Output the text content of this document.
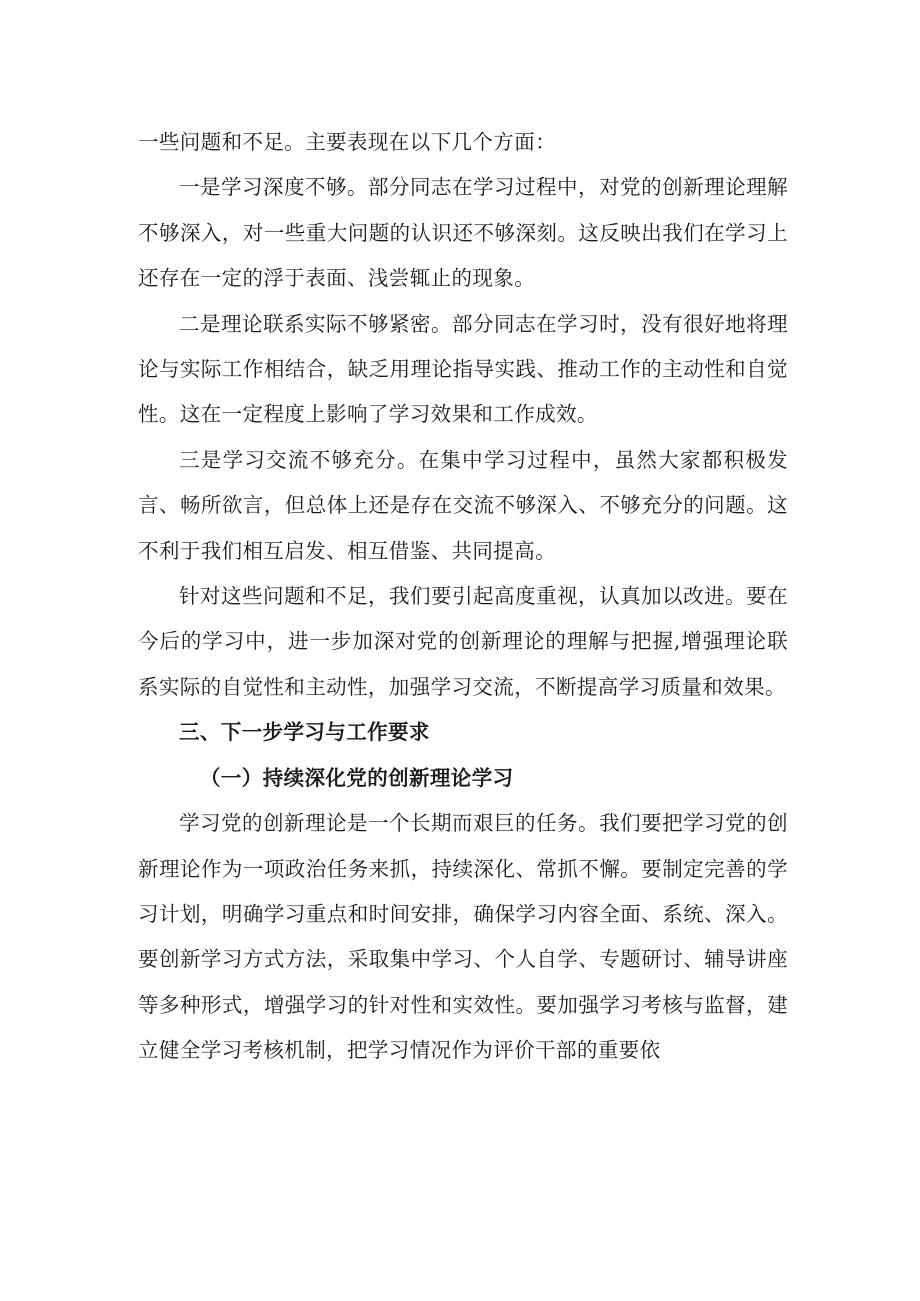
一些问题和不足。主要表现在以下几个方面：

一是学习深度不够。部分同志在学习过程中，对党的创新理论理解不够深入，对一些重大问题的认识还不够深刻。这反映出我们在学习上还存在一定的浮于表面、浅尝辄止的现象。

二是理论联系实际不够紧密。部分同志在学习时，没有很好地将理论与实际工作相结合，缺乏用理论指导实践、推动工作的主动性和自觉性。这在一定程度上影响了学习效果和工作成效。

三是学习交流不够充分。在集中学习过程中，虽然大家都积极发言、畅所欲言，但总体上还是存在交流不够深入、不够充分的问题。这不利于我们相互启发、相互借鉴、共同提高。

针对这些问题和不足，我们要引起高度重视，认真加以改进。要在今后的学习中，进一步加深对党的创新理论的理解与把握,增强理论联系实际的自觉性和主动性，加强学习交流，不断提高学习质量和效果。

三、下一步学习与工作要求
（一）持续深化党的创新理论学习

学习党的创新理论是一个长期而艰巨的任务。我们要把学习党的创新理论作为一项政治任务来抓，持续深化、常抓不懈。要制定完善的学习计划，明确学习重点和时间安排，确保学习内容全面、系统、深入。要创新学习方式方法，采取集中学习、个人自学、专题研讨、辅导讲座等多种形式，增强学习的针对性和实效性。要加强学习考核与监督，建立健全学习考核机制，把学习情况作为评价干部的重要依
